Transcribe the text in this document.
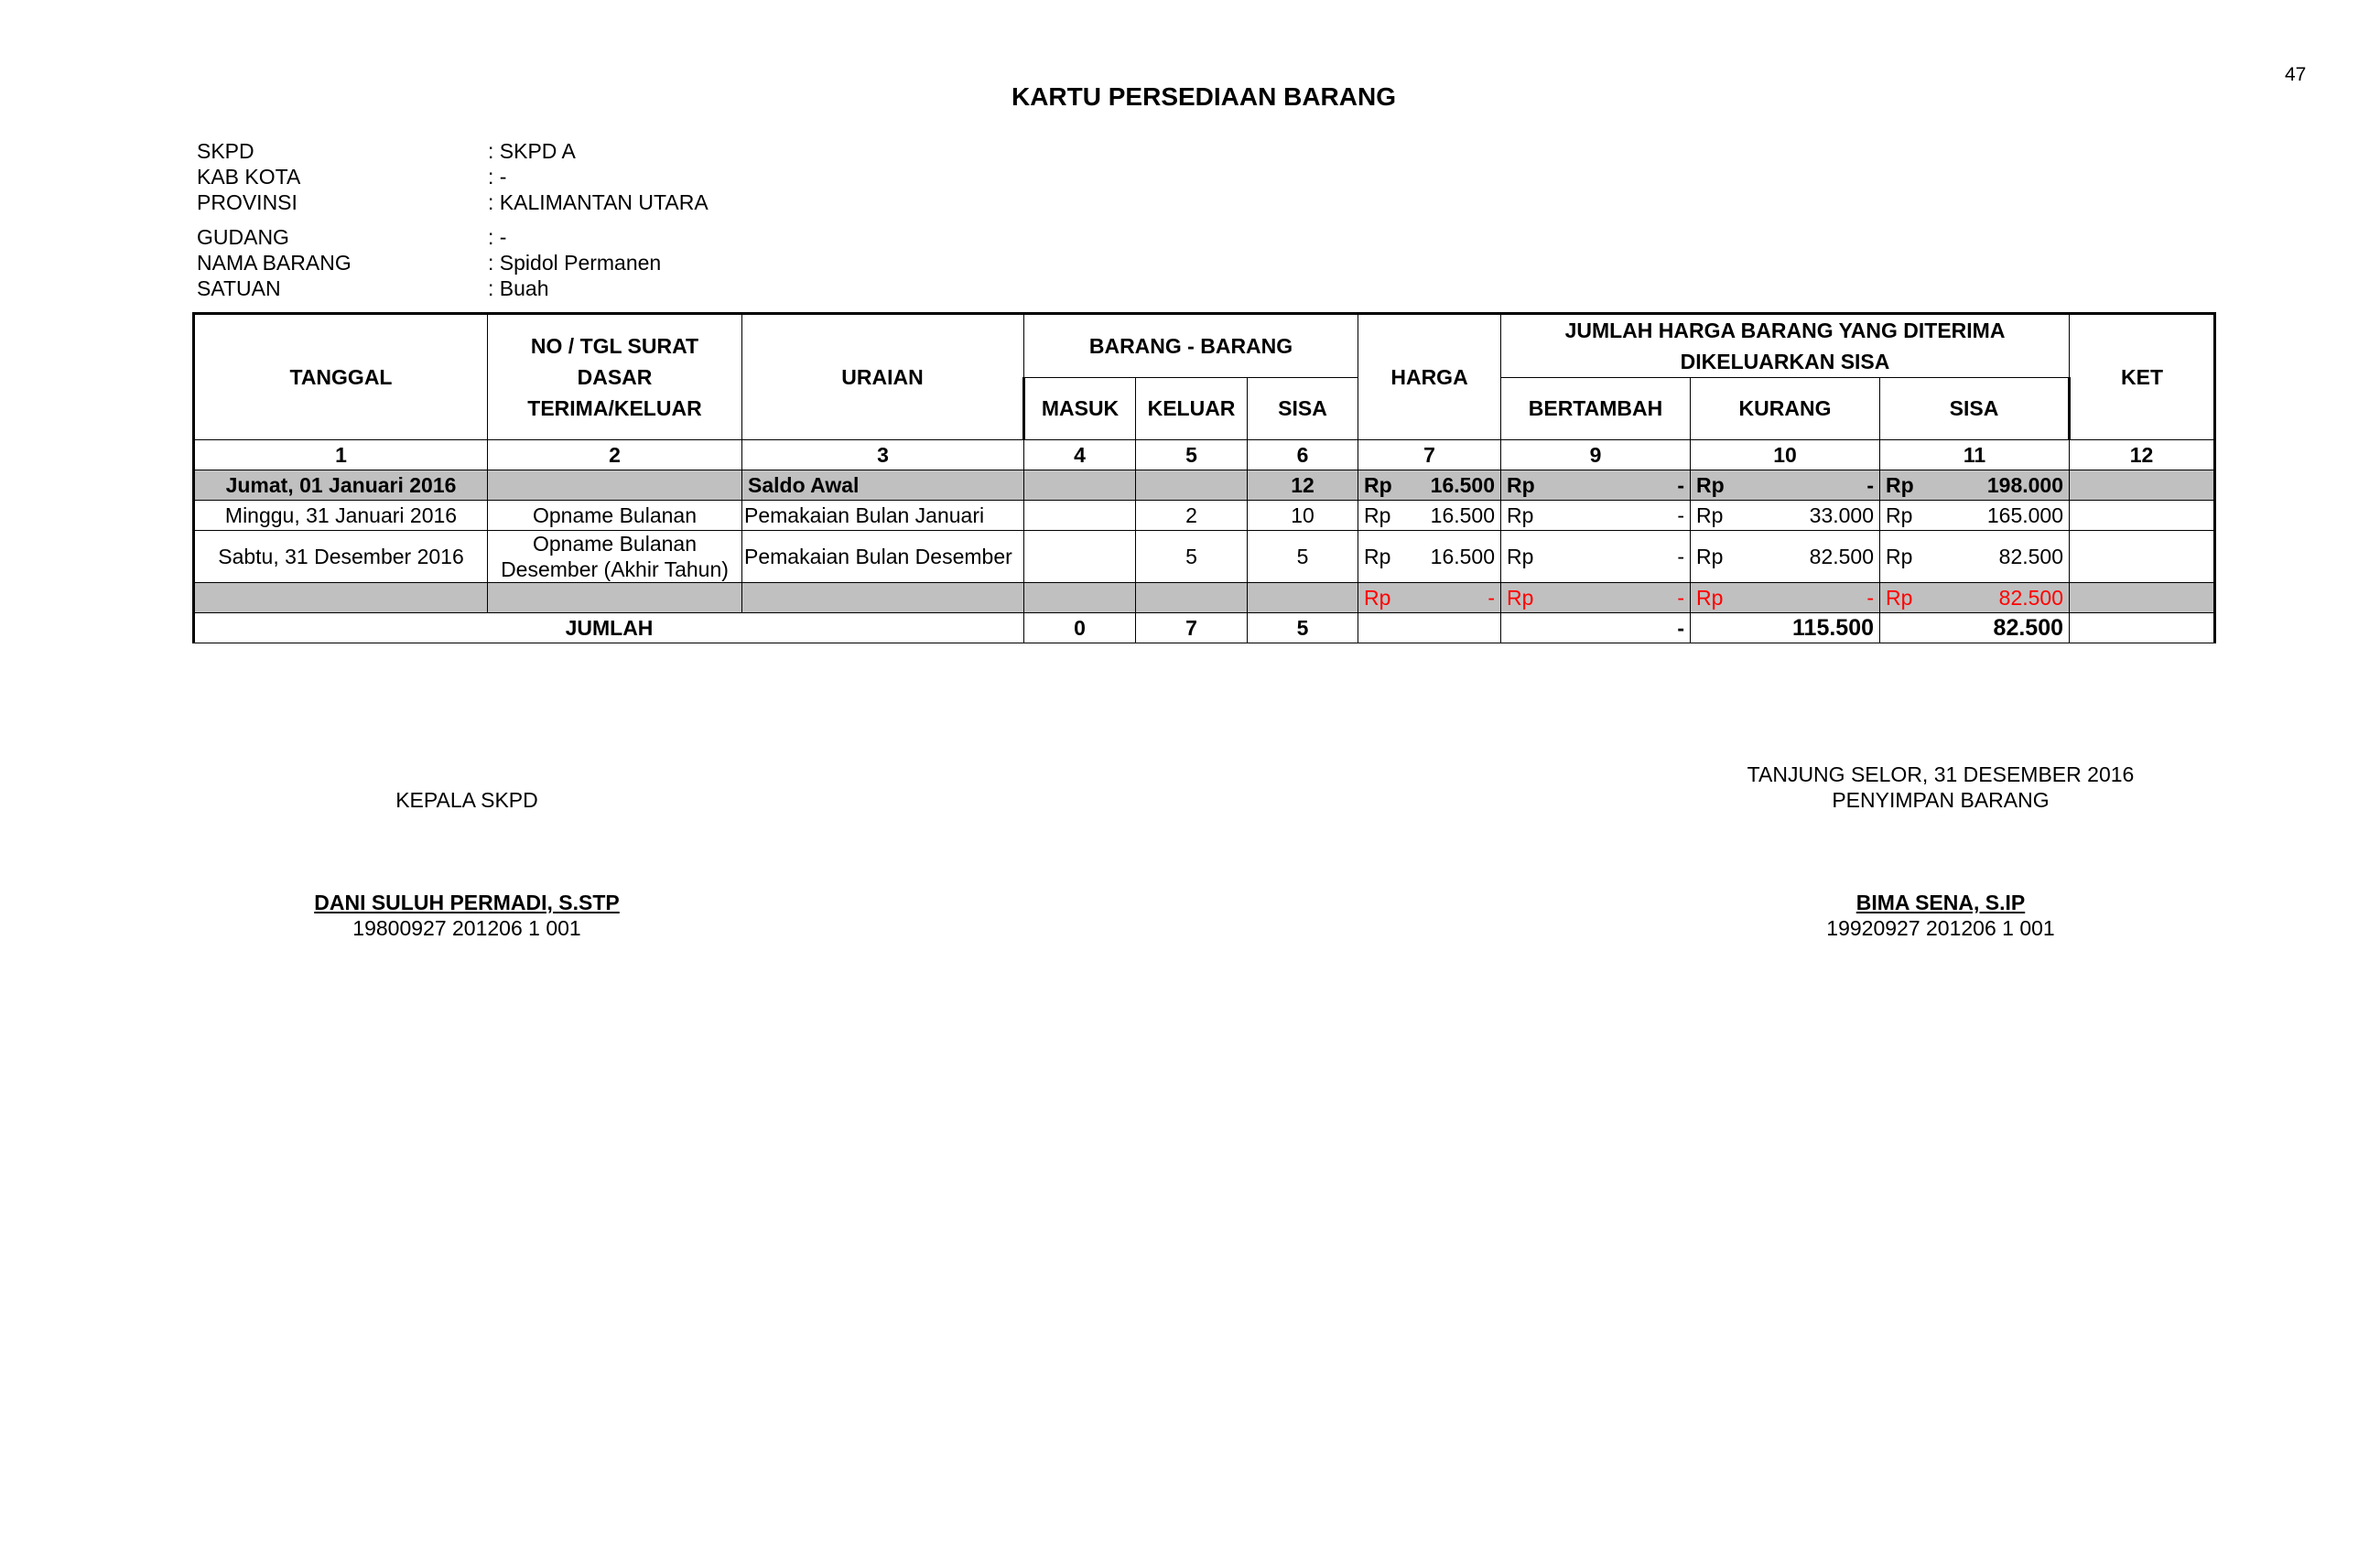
47
KARTU PERSEDIAAN BARANG
SKPD	: SKPD A
KAB KOTA	: -
PROVINSI	: KALIMANTAN UTARA
GUDANG	: -
NAMA BARANG	: Spidol Permanen
SATUAN	: Buah
TANGGAL	NO / TGL SURAT DASAR TERIMA/KELUAR	URAIAN	BARANG - BARANG			HARGA	JUMLAH HARGA BARANG YANG DITERIMA DIKELUARKAN SISA			KET
			MASUK	KELUAR	SISA		BERTAMBAH	KURANG	SISA	
1	2	3	4	5	6	7	9	10	11	12
Jumat, 01 Januari 2016		Saldo Awal			12	Rp 16.500	Rp -	Rp -	Rp 198.000	

Minggu, 31 Januari 2016	Opname Bulanan	Pemakaian Bulan Januari		2	10	Rp 16.500	Rp -	Rp 33.000	Rp 165.000	

Sabtu, 31 Desember 2016	Opname Bulanan Desember (Akhir Tahun)	Pemakaian Bulan Desember		5	5	Rp 16.500	Rp -	Rp 82.500	Rp 82.500	

						Rp -	Rp -	Rp -	Rp 82.500	

JUMLAH			0	7	5		-	115.500	82.500	
KEPALA SKPD
DANI SULUH PERMADI, S.STP
19800927 201206 1 001
TANJUNG SELOR, 31 DESEMBER 2016
PENYIMPAN BARANG
BIMA SENA, S.IP
19920927 201206 1 001
